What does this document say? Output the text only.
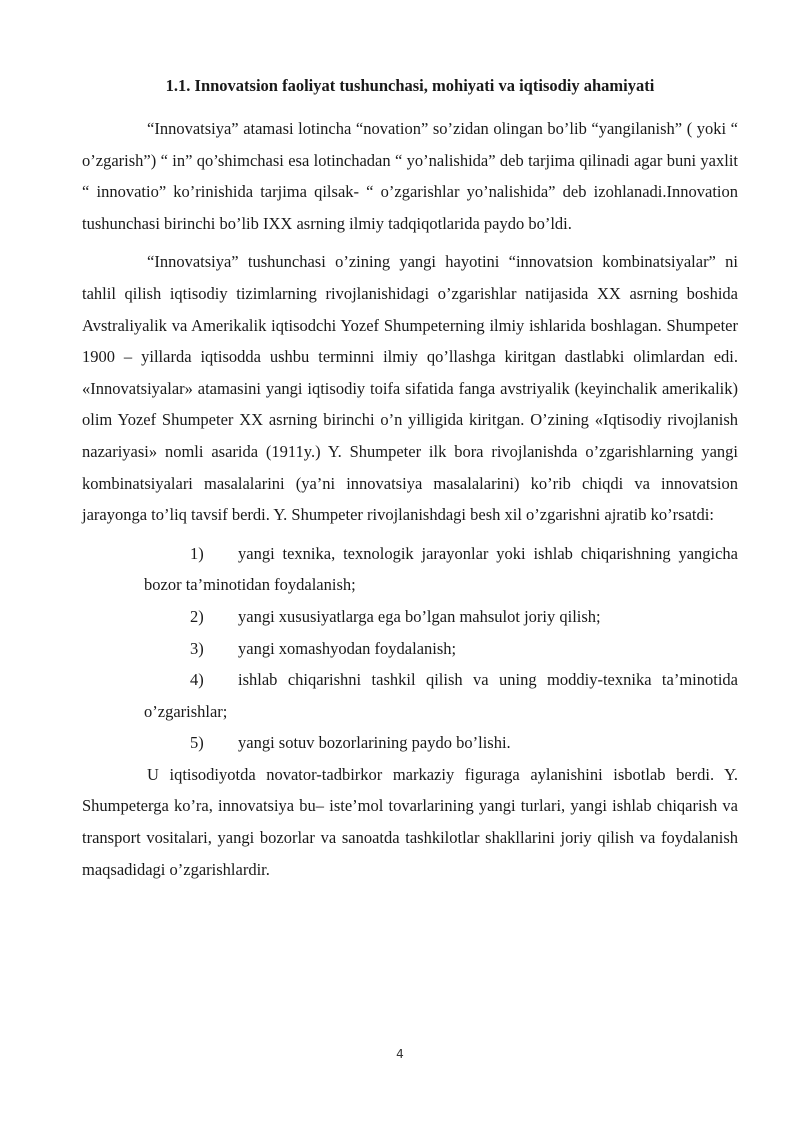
1.1. Innovatsion faoliyat tushunchasi, mohiyati va iqtisodiy ahamiyati

“Innovatsiya” atamasi lotincha “novation” so’zidan olingan bo’lib “yangilanish” ( yoki “ o’zgarish”) “ in” qo’shimchasi esa lotinchadan “ yo’nalishida” deb tarjima qilinadi agar buni yaxlit “ innovatio” ko’rinishida tarjima qilsak- “ o’zgarishlar yo’nalishida” deb izohlanadi.Innovation tushunchasi birinchi bo’lib IXX asrning ilmiy tadqiqotlarida paydo bo’ldi.

“Innovatsiya” tushunchasi o’zining yangi hayotini “innovatsion kombinatsiyalar” ni tahlil qilish iqtisodiy tizimlarning rivojlanishidagi o’zgarishlar natijasida XX asrning boshida Avstraliyalik va Amerikalik iqtisodchi Yozef Shumpeterning ilmiy ishlarida boshlagan. Shumpeter 1900 – yillarda iqtisodda ushbu terminni ilmiy qo’llashga kiritgan dastlabki olimlardan edi. «Innovatsiyalar» atamasini yangi iqtisodiy toifa sifatida fanga avstriyalik (keyinchalik amerikalik) olim Yozef Shumpeter XX asrning birinchi o’n yilligida kiritgan. O’zining «Iqtisodiy rivojlanish nazariyasi» nomli asarida (1911y.) Y. Shumpeter ilk bora rivojlanishda o’zgarishlarning yangi kombinatsiyalari masalalarini (ya’ni innovatsiya masalalarini) ko’rib chiqdi va innovatsion jarayonga to’liq tavsif berdi. Y. Shumpeter rivojlanishdagi besh xil o’zgarishni ajratib ko’rsatdi:

1) yangi texnika, texnologik jarayonlar yoki ishlab chiqarishning yangicha bozor ta’minotidan foydalanish;
2) yangi xususiyatlarga ega bo’lgan mahsulot joriy qilish;
3) yangi xomashyodan foydalanish;
4) ishlab chiqarishni tashkil qilish va uning moddiy-texnika ta’minotida o’zgarishlar;
5) yangi sotuv bozorlarining paydo bo’lishi.

U iqtisodiyotda novator-tadbirkor markaziy figuraga aylanishini isbotlab berdi. Y. Shumpeterga ko’ra, innovatsiya bu– iste’mol tovarlarining yangi turlari, yangi ishlab chiqarish va transport vositalari, yangi bozorlar va sanoatda tashkilotlar shakllarini joriy qilish va foydalanish maqsadidagi o’zgarishlardir.

4
